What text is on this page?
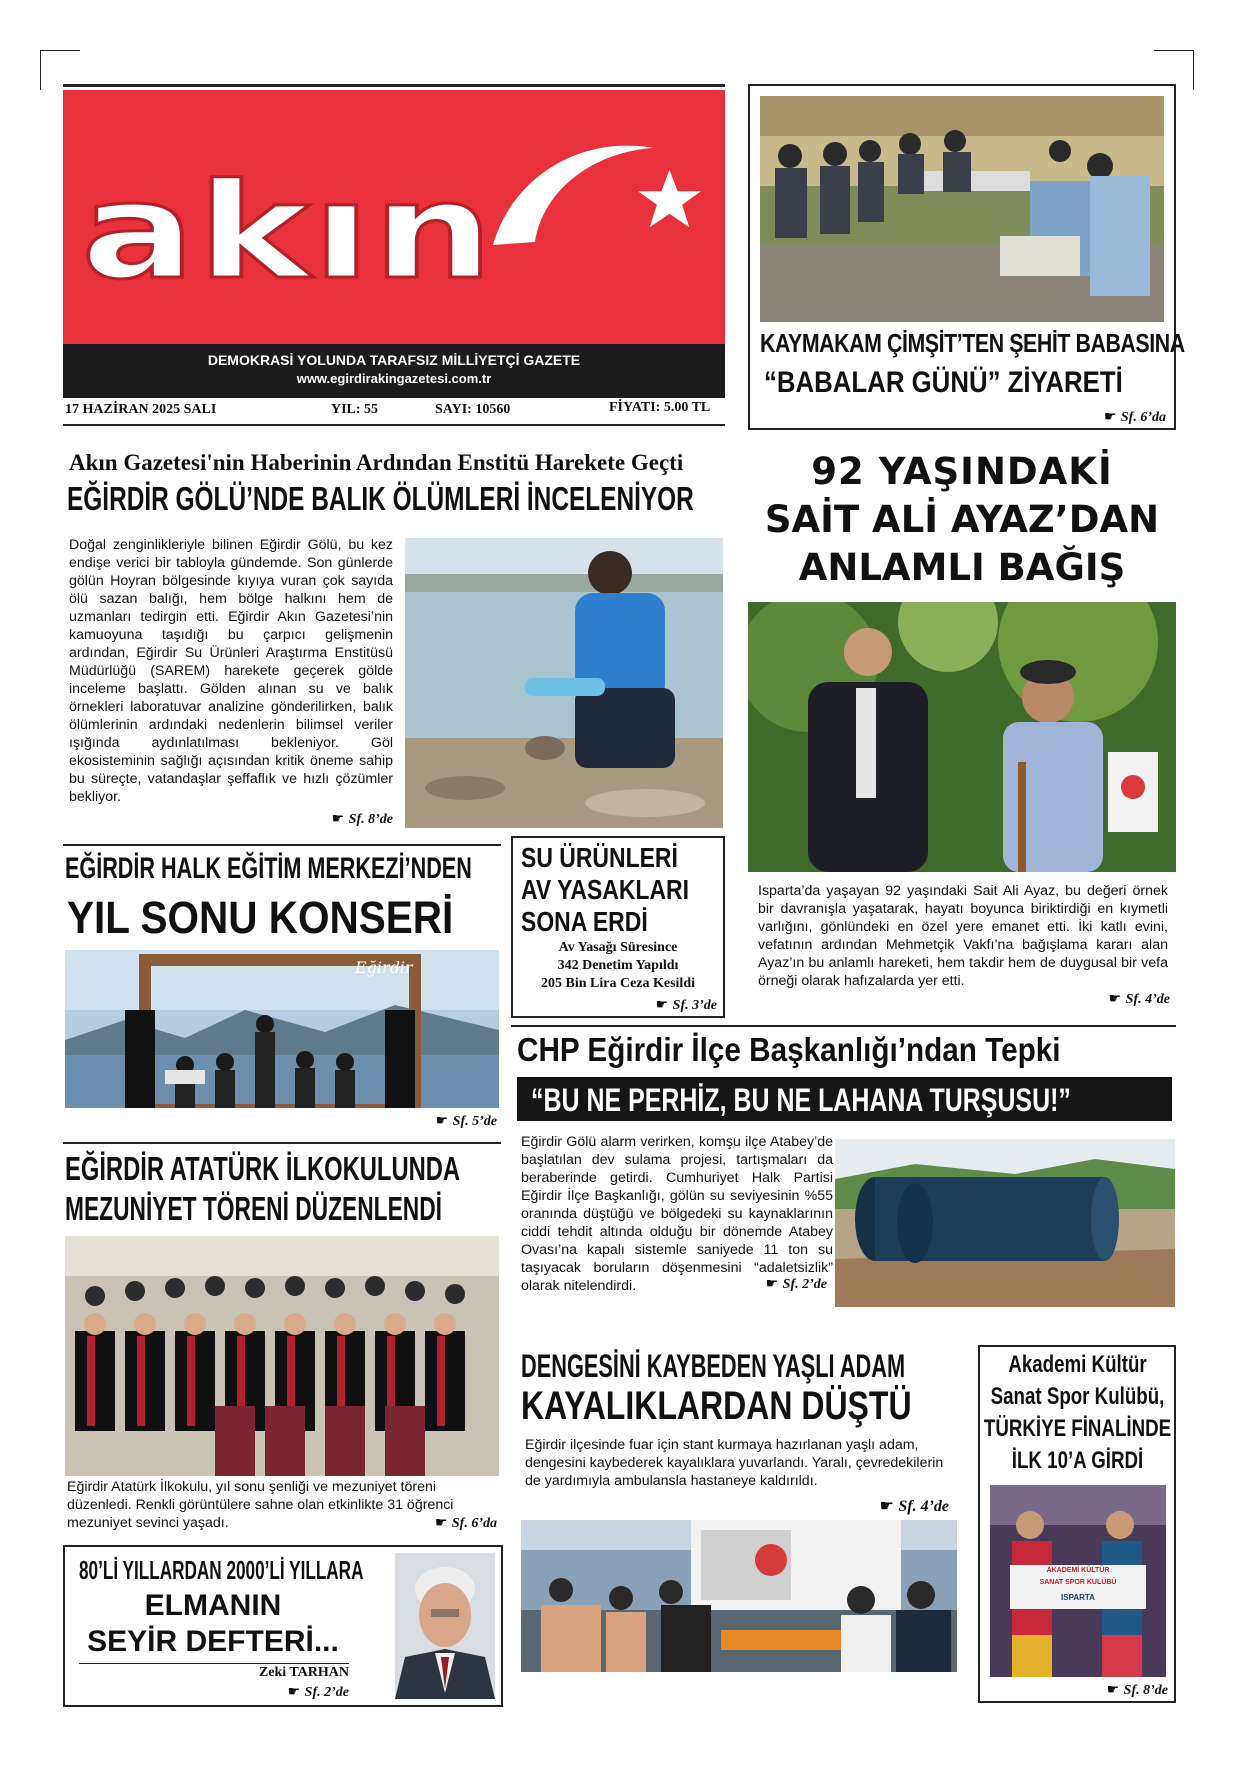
akın
DEMOKRASİ YOLUNDA TARAFSIZ MİLLİYETÇİ GAZETE
www.egirdirakingazetesi.com.tr
17 HAZİRAN 2025 SALI	YIL: 55	SAYI: 10560	FİYATI: 5.00 TL
KAYMAKAM ÇİMŞİT’TEN ŞEHİT BABASINA
“BABALAR GÜNÜ” ZİYARETİ
☛ Sf. 6’da
Akın Gazetesi'nin Haberinin Ardından Enstitü Harekete Geçti
EĞİRDİR GÖLÜ’NDE BALIK ÖLÜMLERİ İNCELENİYOR
Doğal zenginlikleriyle bilinen Eğirdir Gölü, bu kez endişe verici bir tabloyla gündemde. Son günlerde gölün Hoyran bölgesinde kıyıya vuran çok sayıda ölü sazan balığı, hem bölge halkını hem de uzmanları tedirgin etti. Eğirdir Akın Gazetesi’nin kamuoyuna taşıdığı bu çarpıcı gelişmenin ardından, Eğirdir Su Ürünleri Araştırma Enstitüsü Müdürlüğü (SAREM) harekete geçerek gölde inceleme başlattı. Gölden alınan su ve balık örnekleri laboratuvar analizine gönderilirken, balık ölümlerinin ardındaki nedenlerin bilimsel veriler ışığında aydınlatılması bekleniyor. Göl ekosisteminin sağlığı açısından kritik öneme sahip bu süreçte, vatandaşlar şeffaflık ve hızlı çözümler bekliyor.
☛ Sf. 8’de
92 YAŞINDAKİ
SAİT ALİ AYAZ’DAN
ANLAMLI BAĞIŞ
Isparta’da yaşayan 92 yaşındaki Sait Ali Ayaz, bu değeri örnek bir davranışla yaşatarak, hayatı boyunca biriktirdiği en kıymetli varlığını, gönlündeki en özel yere emanet etti. İki katlı evini, vefatının ardından Mehmetçik Vakfı’na bağışlama kararı alan Ayaz’ın bu anlamlı hareketi, hem takdir hem de duygusal bir vefa örneği olarak hafızalarda yer etti.
☛ Sf. 4’de
EĞİRDİR HALK EĞİTİM MERKEZİ’NDEN
YIL SONU KONSERİ
Eğirdir
☛ Sf. 5’de
SU ÜRÜNLERİ
AV YASAKLARI
SONA ERDİ
Av Yasağı Süresince
342 Denetim Yapıldı
205 Bin Lira Ceza Kesildi
☛ Sf. 3’de
CHP Eğirdir İlçe Başkanlığı’ndan Tepki
“BU NE PERHİZ, BU NE LAHANA TURŞUSU!”
Eğirdir Gölü alarm verirken, komşu ilçe Atabey’de başlatılan dev sulama projesi, tartışmaları da beraberinde getirdi. Cumhuriyet Halk Partisi Eğirdir İlçe Başkanlığı, gölün su seviyesinin %55 oranında düştüğü ve bölgedeki su kaynaklarının ciddi tehdit altında olduğu bir dönemde Atabey Ovası’na kapalı sistemle saniyede 11 ton su taşıyacak boruların döşenmesini “adaletsizlik” olarak nitelendirdi.	☛ Sf. 2’de
EĞİRDİR ATATÜRK İLKOKULUNDA
MEZUNİYET TÖRENİ DÜZENLENDİ
Eğirdir Atatürk İlkokulu, yıl sonu şenliği ve mezuniyet töreni düzenledi. Renkli görüntülere sahne olan etkinlikte 31 öğrenci mezuniyet sevinci yaşadı.	☛ Sf. 6’da
DENGESİNİ KAYBEDEN YAŞLI ADAM
KAYALIKLARDAN DÜŞTÜ
Eğirdir ilçesinde fuar için stant kurmaya hazırlanan yaşlı adam, dengesini kaybederek kayalıklara yuvarlandı. Yaralı, çevredekilerin de yardımıyla ambulansla hastaneye kaldırıldı.
☛ Sf. 4’de
Akademi Kültür
Sanat Spor Kulübü,
TÜRKİYE FİNALİNDE
İLK 10’A GİRDİ
AKADEMİ KÜLTÜR
SANAT SPOR KULÜBÜ
ISPARTA
☛ Sf. 8’de
80’Lİ YILLARDAN 2000’Lİ YILLARA
ELMANIN
SEYİR DEFTERİ...
Zeki TARHAN
☛ Sf. 2’de
